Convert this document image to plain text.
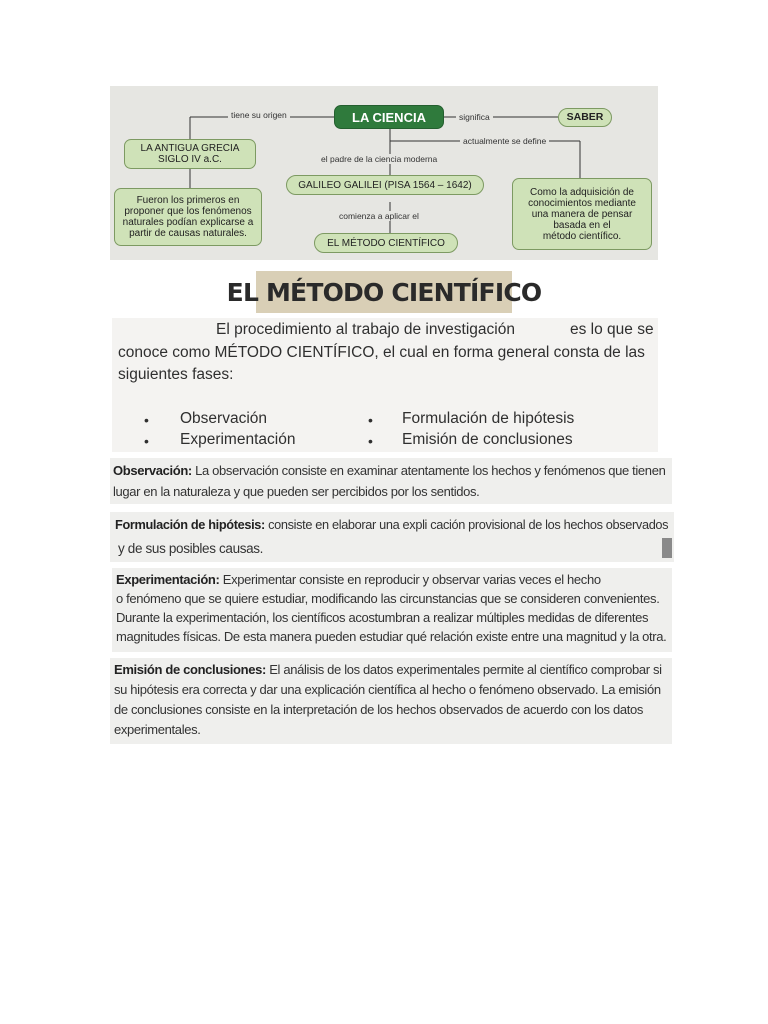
LA CIENCIA	SABER
LA ANTIGUA GRECIA
SIGLO IV a.C.
Fueron los primeros en
proponer que los fenómenos
naturales podían explicarse a
partir de causas naturales.
GALILEO GALILEI (PISA 1564 – 1642)
EL MÉTODO CIENTÍFICO
Como la adquisición de
conocimientos mediante
una manera de pensar
basada en el
método científico.
tiene su origen	significa
actualmente se define
el padre de la ciencia moderna
comienza a aplicar el
EL MÉTODO CIENTÍFICO
El procedimiento al trabajo de investigación	es lo que se
conoce como MÉTODO CIENTÍFICO, el cual en forma general consta de las
siguientes fases:
• Observación
• Experimentación
• Formulación de hipótesis
• Emisión de conclusiones
Observación: La observación consiste en examinar atentamente los hechos y fenómenos que tienen
lugar en la naturaleza y que pueden ser percibidos por los sentidos.
Formulación de hipótesis: consiste en elaborar una expli cación provisional de los hechos observados
y de sus posibles causas.
Experimentación: Experimentar consiste en reproducir y observar varias veces el hecho
o fenómeno que se quiere estudiar, modificando las circunstancias que se consideren convenientes.
Durante la experimentación, los científicos acostumbran a realizar múltiples medidas de diferentes
magnitudes físicas. De esta manera pueden estudiar qué relación existe entre una magnitud y la otra.
Emisión de conclusiones: El análisis de los datos experimentales permite al científico comprobar si
su hipótesis era correcta y dar una explicación científica al hecho o fenómeno observado. La emisión
de conclusiones consiste en la interpretación de los hechos observados de acuerdo con los datos
experimentales.
